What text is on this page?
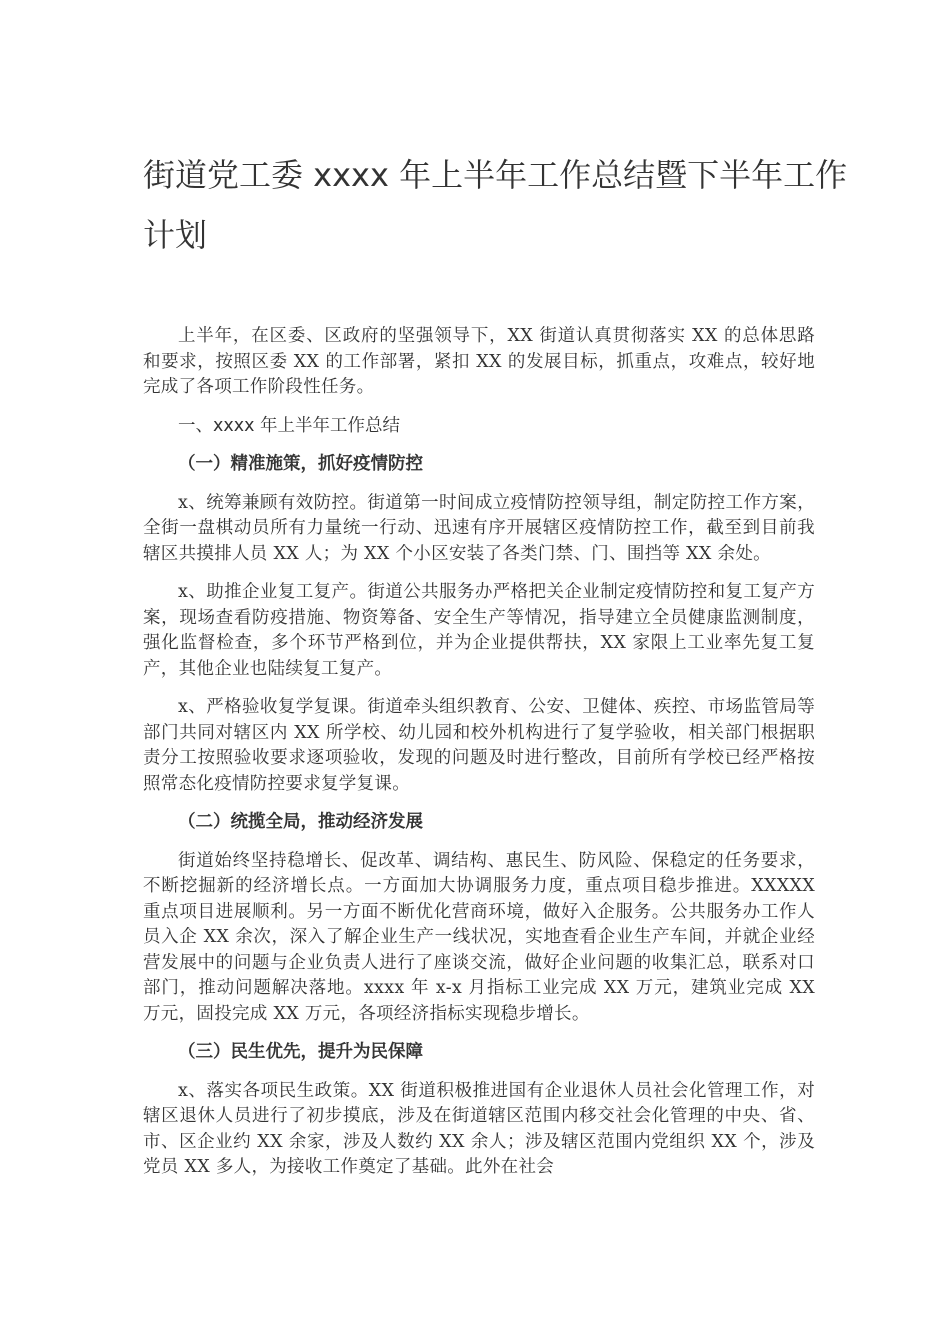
街道党工委 xxxx 年上半年工作总结暨下半年工作
计划

上半年，在区委、区政府的坚强领导下，XX 街道认真贯彻落实 XX 的总体思路和要求，按照区委 XX 的工作部署，紧扣 XX 的发展目标，抓重点，攻难点，较好地完成了各项工作阶段性任务。

一、xxxx 年上半年工作总结

（一）精准施策，抓好疫情防控

x、统筹兼顾有效防控。街道第一时间成立疫情防控领导组，制定防控工作方案，全街一盘棋动员所有力量统一行动、迅速有序开展辖区疫情防控工作，截至到目前我辖区共摸排人员 XX 人；为 XX 个小区安装了各类门禁、门、围挡等 XX 余处。

x、助推企业复工复产。街道公共服务办严格把关企业制定疫情防控和复工复产方案，现场查看防疫措施、物资筹备、安全生产等情况，指导建立全员健康监测制度，强化监督检查，多个环节严格到位，并为企业提供帮扶，XX 家限上工业率先复工复产，其他企业也陆续复工复产。

x、严格验收复学复课。街道牵头组织教育、公安、卫健体、疾控、市场监管局等部门共同对辖区内 XX 所学校、幼儿园和校外机构进行了复学验收，相关部门根据职责分工按照验收要求逐项验收，发现的问题及时进行整改，目前所有学校已经严格按照常态化疫情防控要求复学复课。

（二）统揽全局，推动经济发展

街道始终坚持稳增长、促改革、调结构、惠民生、防风险、保稳定的任务要求，不断挖掘新的经济增长点。一方面加大协调服务力度，重点项目稳步推进。XXXXX 重点项目进展顺利。另一方面不断优化营商环境，做好入企服务。公共服务办工作人员入企 XX 余次，深入了解企业生产一线状况，实地查看企业生产车间，并就企业经营发展中的问题与企业负责人进行了座谈交流，做好企业问题的收集汇总，联系对口部门，推动问题解决落地。xxxx 年 x-x 月指标工业完成 XX 万元，建筑业完成 XX 万元，固投完成 XX 万元，各项经济指标实现稳步增长。

（三）民生优先，提升为民保障

x、落实各项民生政策。XX 街道积极推进国有企业退休人员社会化管理工作，对辖区退休人员进行了初步摸底，涉及在街道辖区范围内移交社会化管理的中央、省、市、区企业约 XX 余家，涉及人数约 XX 余人；涉及辖区范围内党组织 XX 个，涉及党员 XX 多人，为接收工作奠定了基础。此外在社会
